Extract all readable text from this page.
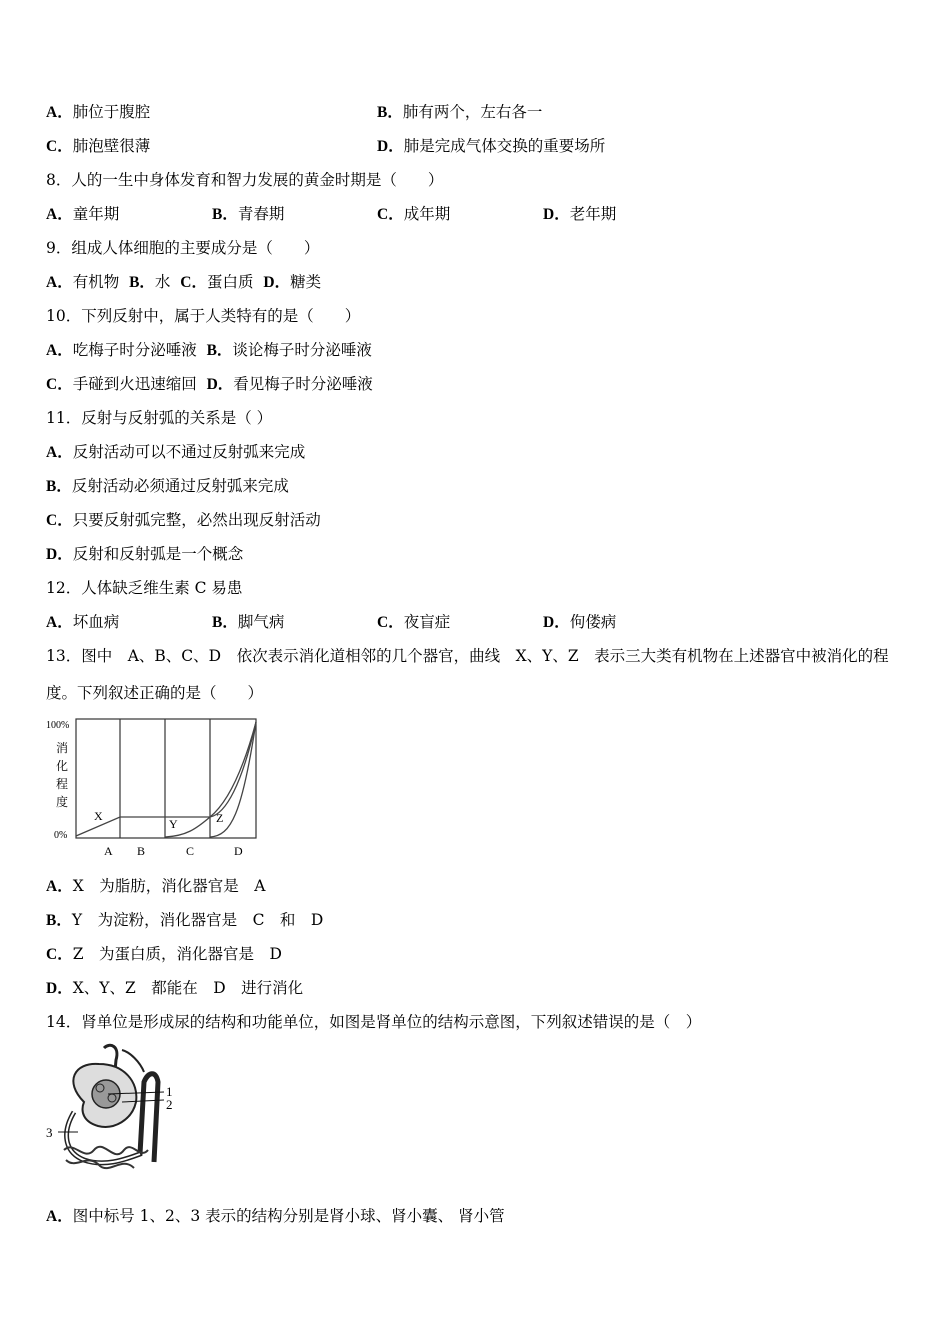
A．肺位于腹腔	B．肺有两个，左右各一
C．肺泡壁很薄	D．肺是完成气体交换的重要场所
8．人的一生中身体发育和智力发展的黄金时期是（　　）
A．童年期	B．青春期	C．成年期	D．老年期
9．组成人体细胞的主要成分是（　　）
A．有机物 B．水 C．蛋白质 D．糖类
10．下列反射中，属于人类特有的是（　　）
A．吃梅子时分泌唾液 B．谈论梅子时分泌唾液
C．手碰到火迅速缩回 D．看见梅子时分泌唾液
11．反射与反射弧的关系是（ ）
A．反射活动可以不通过反射弧来完成
B．反射活动必须通过反射弧来完成
C．只要反射弧完整，必然出现反射活动
D．反射和反射弧是一个概念
12．人体缺乏维生素 C 易患
A．坏血病	B．脚气病	C．夜盲症	D．佝偻病
13．图中　A、B、C、D　依次表示消化道相邻的几个器官，曲线　X、Y、Z　表示三大类有机物在上述器官中被消化的程
度。下列叙述正确的是（　　）
100%
0%
消
化
程
度
X
Y	Z
A B	C	D
A．X　为脂肪，消化器官是　A
B．Y　为淀粉，消化器官是　C　和　D
C．Z　为蛋白质，消化器官是　D
D．X、Y、Z　都能在　D　进行消化
14．肾单位是形成尿的结构和功能单位，如图是肾单位的结构示意图，下列叙述错误的是（　）
1
2
3
A．图中标号 1、2、3 表示的结构分别是肾小球、肾小囊、 肾小管
